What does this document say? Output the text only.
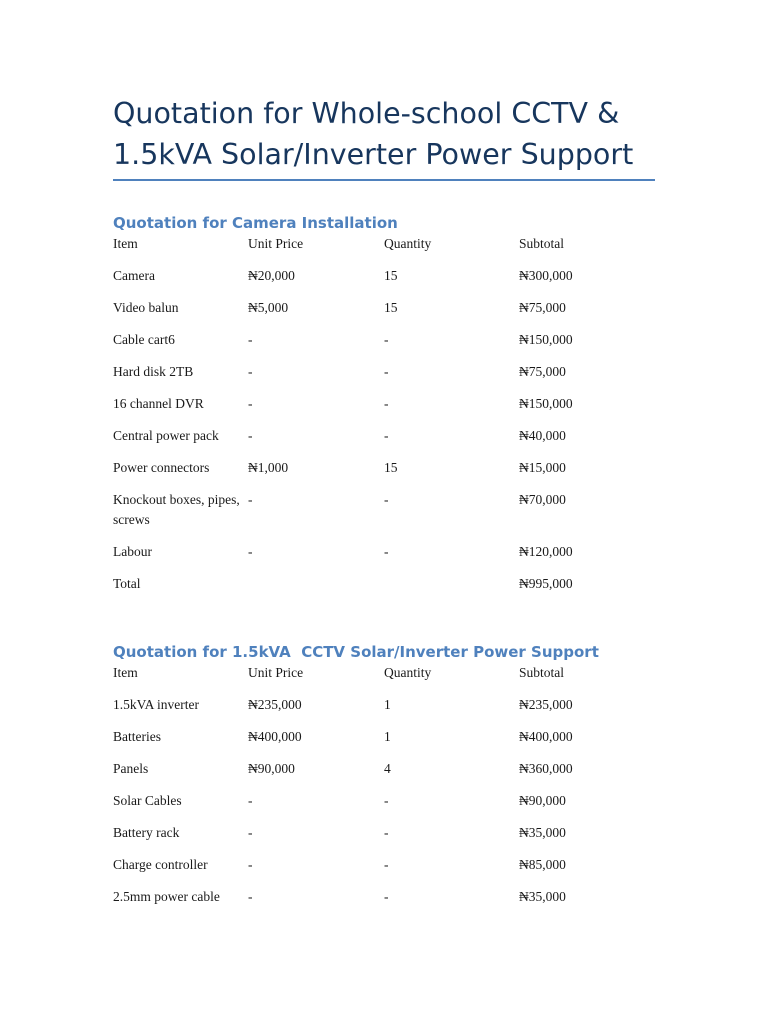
Quotation for Whole-school CCTV & 1.5kVA Solar/Inverter Power Support
Quotation for Camera Installation
Item	Unit Price	Quantity	Subtotal
Camera	₦20,000	15	₦300,000
Video balun	₦5,000	15	₦75,000
Cable cart6	-	-	₦150,000
Hard disk 2TB	-	-	₦75,000
16 channel DVR	-	-	₦150,000
Central power pack	-	-	₦40,000
Power connectors	₦1,000	15	₦15,000
Knockout boxes, pipes, screws	-	-	₦70,000
Labour	-	-	₦120,000
Total			₦995,000
Quotation for 1.5kVA  CCTV Solar/Inverter Power Support
Item	Unit Price	Quantity	Subtotal
1.5kVA inverter	₦235,000	1	₦235,000
Batteries	₦400,000	1	₦400,000
Panels	₦90,000	4	₦360,000
Solar Cables	-	-	₦90,000
Battery rack	-	-	₦35,000
Charge controller	-	-	₦85,000
2.5mm power cable	-	-	₦35,000
